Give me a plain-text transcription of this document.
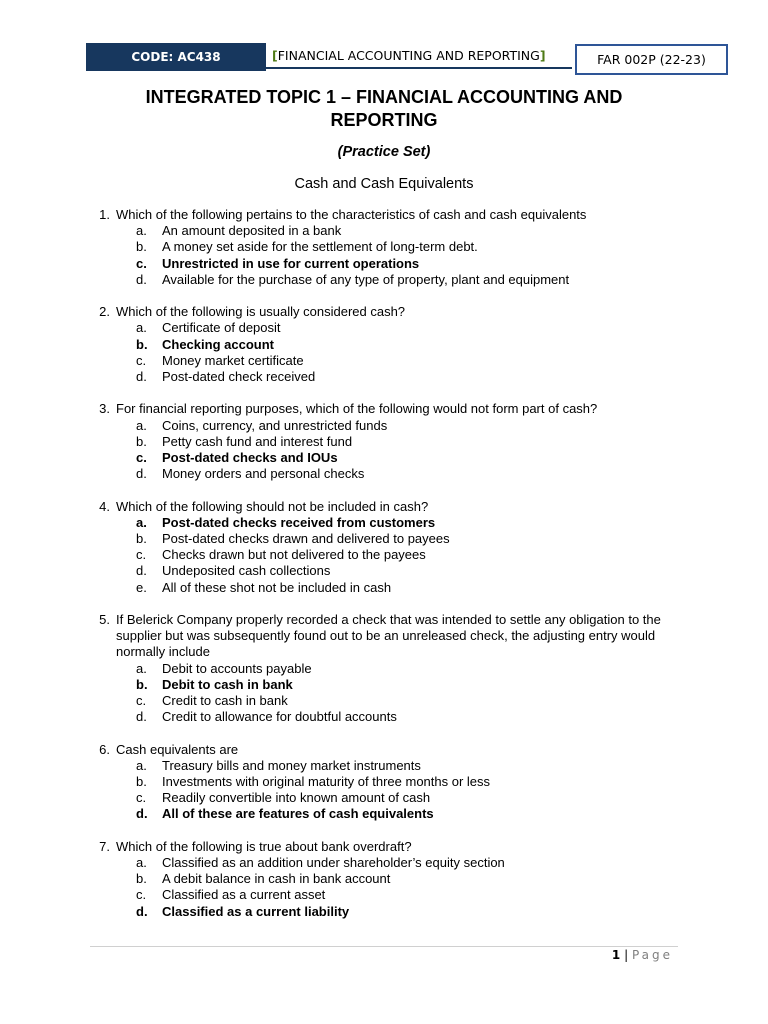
CODE: AC438	[ FINANCIAL ACCOUNTING AND REPORTING ]	FAR 002P (22-23)
INTEGRATED TOPIC 1 – FINANCIAL ACCOUNTING AND REPORTING
(Practice Set)
Cash and Cash Equivalents
1. Which of the following pertains to the characteristics of cash and cash equivalents
a. An amount deposited in a bank
b. A money set aside for the settlement of long-term debt.
c. Unrestricted in use for current operations
d. Available for the purchase of any type of property, plant and equipment
2. Which of the following is usually considered cash?
a. Certificate of deposit
b. Checking account
c. Money market certificate
d. Post-dated check received
3. For financial reporting purposes, which of the following would not form part of cash?
a. Coins, currency, and unrestricted funds
b. Petty cash fund and interest fund
c. Post-dated checks and IOUs
d. Money orders and personal checks
4. Which of the following should not be included in cash?
a. Post-dated checks received from customers
b. Post-dated checks drawn and delivered to payees
c. Checks drawn but not delivered to the payees
d. Undeposited cash collections
e. All of these shot not be included in cash
5. If Belerick Company properly recorded a check that was intended to settle any obligation to the supplier but was subsequently found out to be an unreleased check, the adjusting entry would normally include
a. Debit to accounts payable
b. Debit to cash in bank
c. Credit to cash in bank
d. Credit to allowance for doubtful accounts
6. Cash equivalents are
a. Treasury bills and money market instruments
b. Investments with original maturity of three months or less
c. Readily convertible into known amount of cash
d. All of these are features of cash equivalents
7. Which of the following is true about bank overdraft?
a. Classified as an addition under shareholder’s equity section
b. A debit balance in cash in bank account
c. Classified as a current asset
d. Classified as a current liability
1 | Page
